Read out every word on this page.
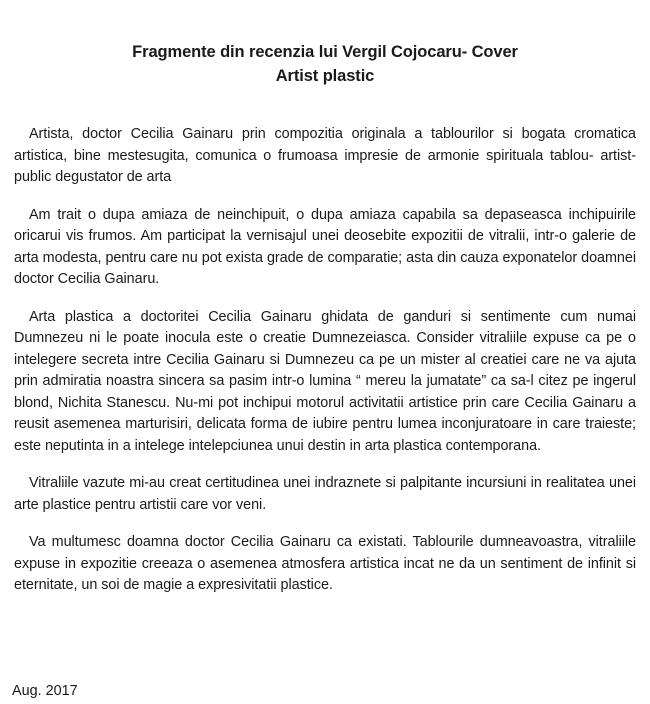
Fragmente din recenzia lui Vergil Cojocaru- Cover
Artist plastic

Artista, doctor Cecilia Gainaru prin compozitia originala a tablourilor si bogata cromatica artistica, bine mestesugita, comunica o frumoasa impresie de armonie spirituala tablou- artist- public degustator de arta

Am trait o dupa amiaza de neinchipuit, o dupa amiaza capabila sa depaseasca inchipuirile oricarui vis frumos. Am participat la vernisajul unei deosebite expozitii de vitralii, intr-o galerie de arta modesta, pentru care nu pot exista grade de comparatie; asta din cauza exponatelor doamnei doctor Cecilia Gainaru.

Arta plastica a doctoritei Cecilia Gainaru ghidata de ganduri si sentimente cum numai Dumnezeu ni le poate inocula este o creatie Dumnezeiasca. Consider vitraliile expuse ca pe o intelegere secreta intre Cecilia Gainaru si Dumnezeu ca pe un mister al creatiei care ne va ajuta prin admiratia noastra sincera sa pasim intr-o lumina “ mereu la jumatate” ca sa-l citez pe ingerul blond, Nichita Stanescu. Nu-mi pot inchipui motorul activitatii artistice prin care Cecilia Gainaru a reusit asemenea marturisiri, delicata forma de iubire pentru lumea inconjuratoare in care traieste; este neputinta in a intelege intelepciunea unui destin in arta plastica contemporana.

Vitraliile vazute mi-au creat certitudinea unei indraznete si palpitante incursiuni in realitatea unei arte plastice pentru artistii care vor veni.

Va multumesc doamna doctor Cecilia Gainaru ca existati. Tablourile dumneavoastra, vitraliile expuse in expozitie creeaza o asemenea atmosfera artistica incat ne da un sentiment de infinit si eternitate, un soi de magie a expresivitatii plastice.

Aug. 2017
